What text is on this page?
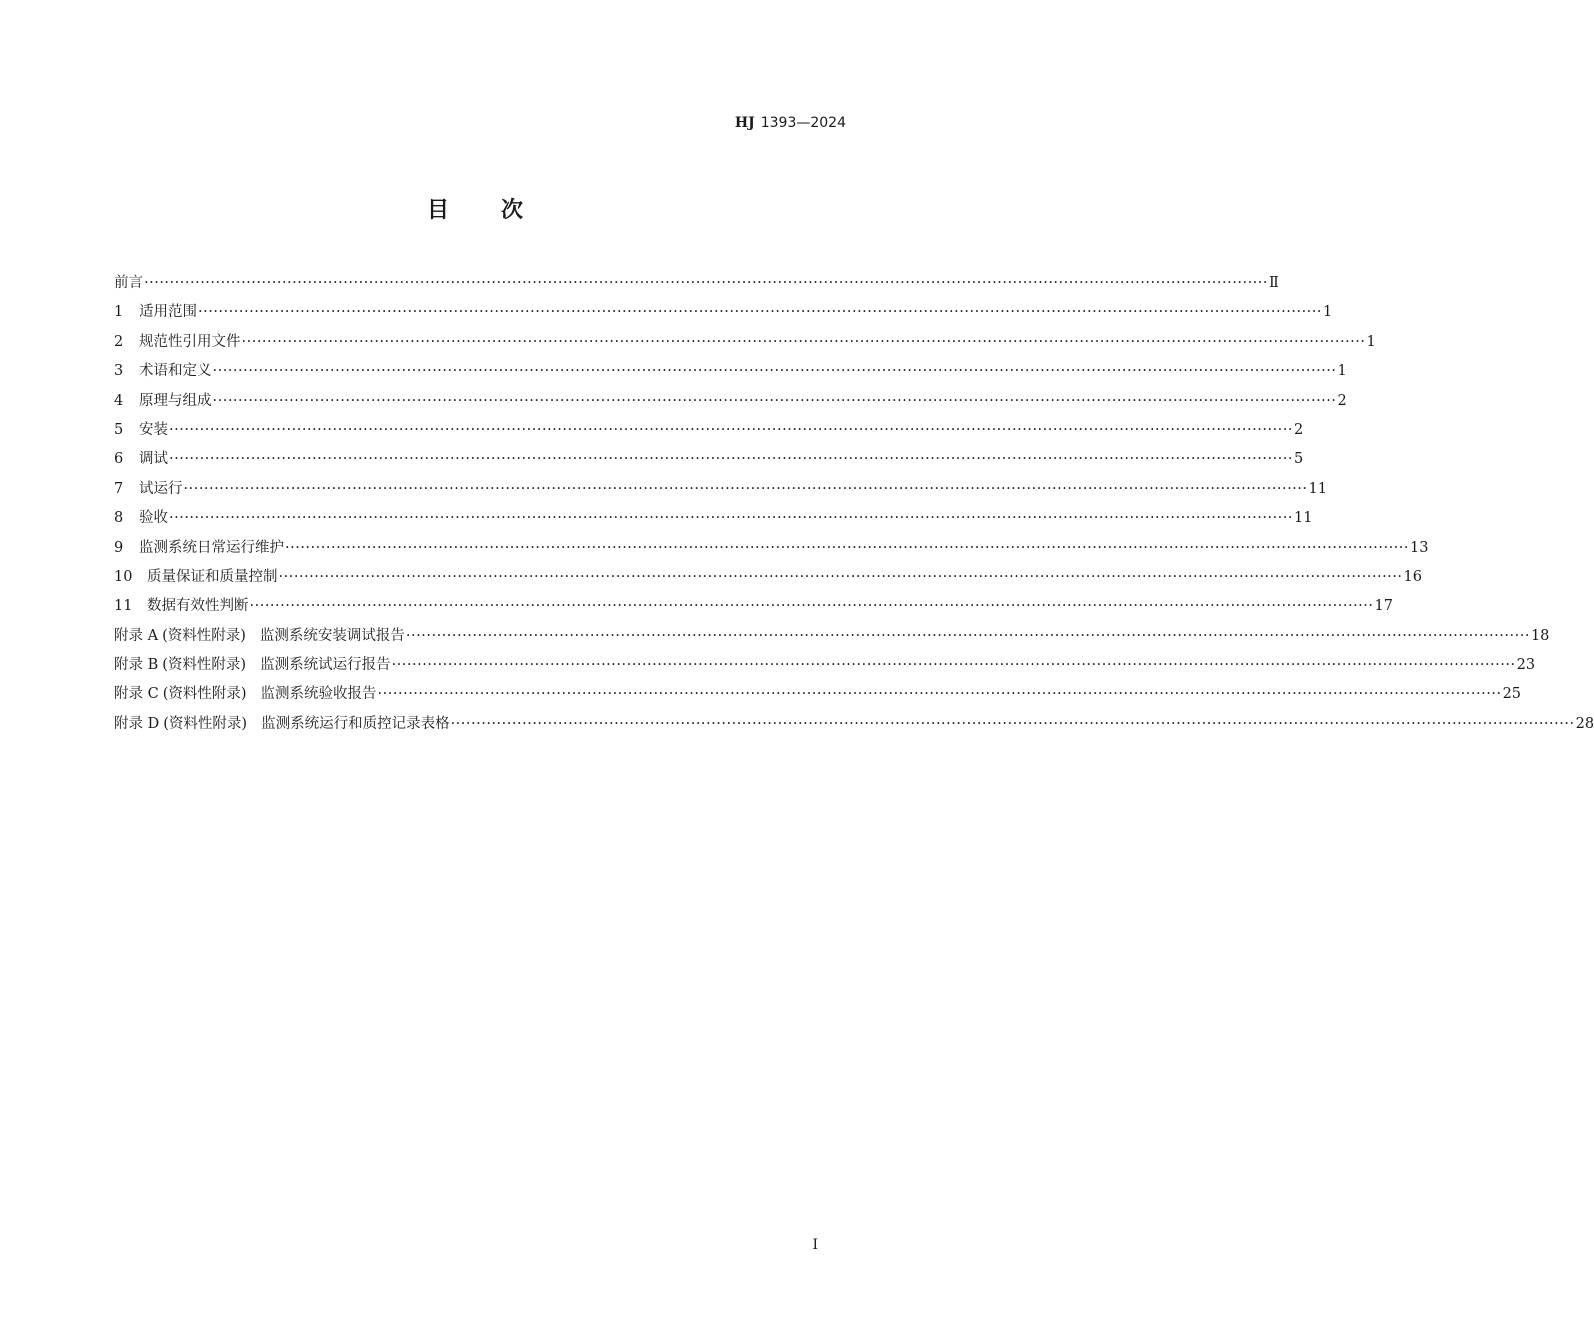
HJ 1393—2024
目次
前言 ···························································································································································································································· Ⅱ
1	适用范围 ···························································································································································································································· 1
2	规范性引用文件 ···························································································································································································································· 1
3	术语和定义 ···························································································································································································································· 1
4	原理与组成 ···························································································································································································································· 2
5	安装 ···························································································································································································································· 2
6	调试 ···························································································································································································································· 5
7	试运行 ···························································································································································································································· 11
8	验收 ···························································································································································································································· 11
9	监测系统日常运行维护 ···························································································································································································································· 13
10	质量保证和质量控制 ···························································································································································································································· 16
11	数据有效性判断 ···························································································································································································································· 17
附录 A (资料性附录) 监测系统安装调试报告 ···························································································································································································································· 18
附录 B (资料性附录) 监测系统试运行报告 ···························································································································································································································· 23
附录 C (资料性附录) 监测系统验收报告 ···························································································································································································································· 25
附录 D (资料性附录) 监测系统运行和质控记录表格 ···························································································································································································································· 28
I
